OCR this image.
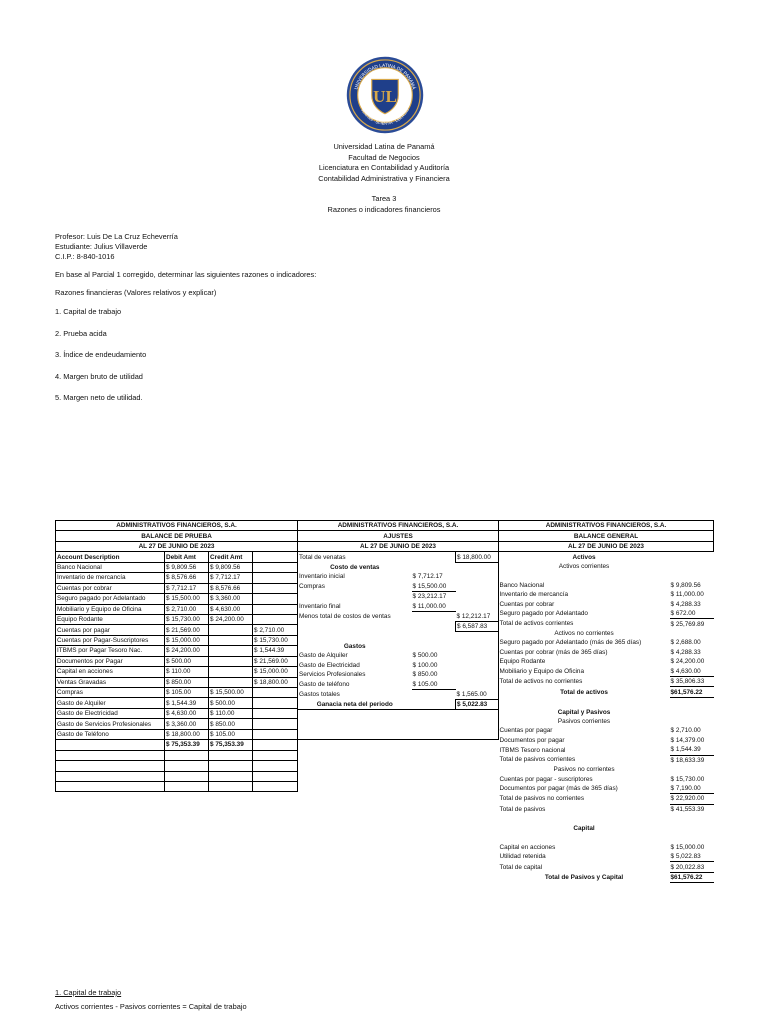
UL
UNIVERSIDAD LATINA DE PANAMÁ
VERITAS · SCIENTIA · LIBERTAS
Universidad Latina de Panamá
Facultad de Negocios
Licenciatura en Contabilidad y Auditoría
Contabilidad Administrativa y Financiera
Tarea 3
Razones o indicadores financieros
Profesor: Luis De La Cruz Echeverría
Estudiante: Julius Villaverde
C.I.P.: 8-840-1016
En base al Parcial 1 corregido, determinar las siguientes razones o indicadores:
Razones financieras (Valores relativos y explicar)
1. Capital de trabajo
2. Prueba acida
3. Índice de endeudamiento
4. Margen bruto de utilidad
5. Margen neto de utilidad.
ADMINISTRATIVOS FINANCIEROS, S.A.			
BALANCE DE PRUEBA			
AL 27 DE JUNIO DE 2023			
Account Description	Debit Amt	Credit Amt	
Banco Nacional	$ 9,809.56	$ 9,809.56	
Inventario de mercancía	$ 8,576.66	$ 7,712.17	
Cuentas por cobrar	$ 7,712.17	$ 8,576.66	
Seguro pagado por Adelantado	$ 15,500.00	$ 3,360.00	
Mobiliario y Equipo de Oficina	$ 2,710.00	$ 4,630.00	
Equipo Rodante	$ 15,730.00	$ 24,200.00	
Cuentas por pagar	$ 21,569.00		$ 2,710.00
Cuentas por Pagar-Suscriptores	$ 15,000.00		$ 15,730.00
ITBMS por Pagar Tesoro Nac.	$ 24,200.00		$ 1,544.39
Documentos por Pagar	$ 500.00		$ 21,569.00
Capital en acciones	$ 110.00		$ 15,000.00
Ventas Gravadas	$ 850.00		$ 18,800.00
Compras	$ 105.00	$ 15,500.00	
Gasto de Alquiler	$ 1,544.39	$ 500.00	
Gasto de Electricidad	$ 4,630.00	$ 110.00	
Gasto de Servicios Profesionales	$ 3,360.00	$ 850.00	
Gasto de Teléfono	$ 18,800.00	$ 105.00	
	$ 75,353.39	$ 75,353.39	

ADMINISTRATIVOS FINANCIEROS, S.A.		
AJUSTES		
AL 27 DE JUNIO DE 2023		
Total de venatas		$ 18,800.00
Costo de ventas		
Inventario inicial	$ 7,712.17	
Compras	$ 15,500.00	
	$ 23,212.17	
Inventario final	$ 11,000.00	
Menos total de costos de ventas		$ 12,212.17
		$ 6,587.83

Gastos		
Gasto de Alquiler	$ 500.00	
Gasto de Electricidad	$ 100.00	
Servicios Profesionales	$ 850.00	
Gasto de teléfono	$ 105.00	
Gastos totales		$ 1,565.00
Ganacia neta del periodo		$ 5,022.83

ADMINISTRATIVOS FINANCIEROS, S.A.	
BALANCE GENERAL	
AL 27 DE JUNIO DE 2023	
Activos	
Activos corrientes	

Banco Nacional	$ 9,809.56
Inventario de mercancía	$ 11,000.00
Cuentas por cobrar	$ 4,288.33
Seguro pagado por Adelantado	$ 672.00
Total de activos corrientes	$ 25,769.89
Activos no corrientes	
Seguro pagado por Adelantado (más de 365 días)	$ 2,688.00
Cuentas por cobrar (más de 365 días)	$ 4,288.33
Equipo Rodante	$ 24,200.00
Mobiliario y Equipo de Oficina	$ 4,630.00
Total de activos no corrientes	$ 35,806.33
Total de activos	$61,576.22

Capital y Pasivos	
Pasivos corrientes	
Cuentas por pagar	$ 2,710.00
Documentos por pagar	$ 14,379.00
ITBMS Tesoro nacional	$ 1,544.39
Total de pasivos corrientes	$ 18,633.39
Pasivos no corrientes	
Cuentas por pagar - suscriptores	$ 15,730.00
Documentos por pagar (más de 365 días)	$ 7,190.00
Total de pasivos no corrientes	$ 22,920.00
Total de pasivos	$ 41,553.39

Capital	

Capital en acciones	$ 15,000.00
Utilidad retenida	$ 5,022.83
Total de capital	$ 20,022.83
Total de Pasivos y Capital	$61,576.22
1. Capital de trabajo
Activos corrientes - Pasivos corrientes = Capital de trabajo
